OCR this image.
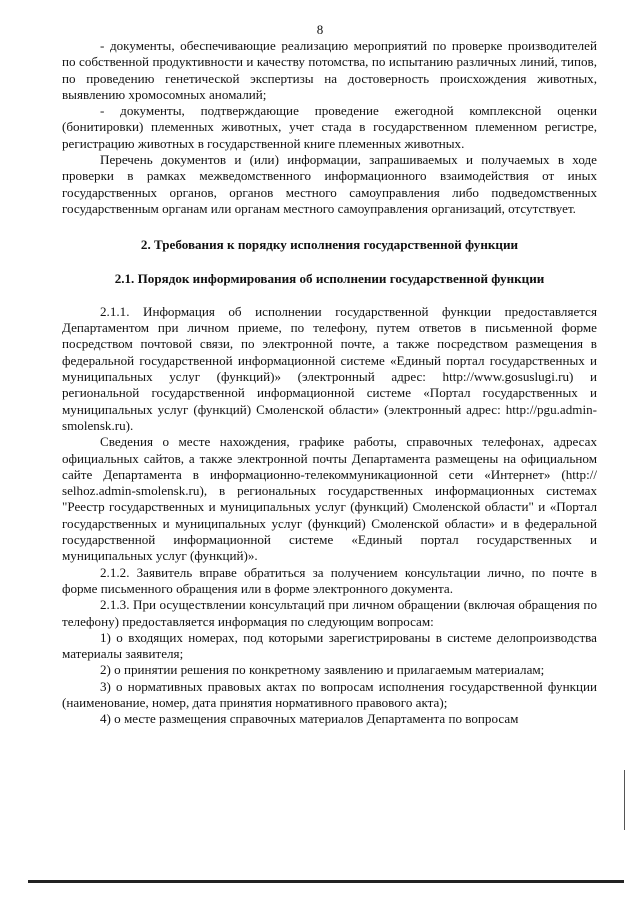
8

- документы, обеспечивающие реализацию мероприятий по проверке производителей по собственной продуктивности и качеству потомства, по испытанию различных линий, типов, по проведению генетической экспертизы на достоверность происхождения животных, выявлению хромосомных аномалий;

- документы, подтверждающие проведение ежегодной комплексной оценки (бонитировки) племенных животных, учет стада в государственном племенном регистре, регистрацию животных в государственной книге племенных животных.

Перечень документов и (или) информации, запрашиваемых и получаемых в ходе проверки в рамках межведомственного информационного взаимодействия от иных государственных органов, органов местного самоуправления либо подведомственных государственным органам или органам местного самоуправления организаций, отсутствует.

2. Требования к порядку исполнения государственной функции

2.1. Порядок информирования об исполнении государственной функции

2.1.1. Информация об исполнении государственной функции предоставляется Департаментом при личном приеме, по телефону, путем ответов в письменной форме посредством почтовой связи, по электронной почте, а также посредством размещения в федеральной государственной информационной системе «Единый портал государственных и муниципальных услуг (функций)» (электронный адрес: http://www.gosuslugi.ru) и региональной государственной информационной системе «Портал государственных и муниципальных услуг (функций) Смоленской области» (электронный адрес: http://pgu.admin-smolensk.ru).

Сведения о месте нахождения, графике работы, справочных телефонах, адресах официальных сайтов, а также электронной почты Департамента размещены на официальном сайте Департамента в информационно-телекоммуникационной сети «Интернет» (http:// selhoz.admin-smolensk.ru), в региональных государственных информационных системах "Реестр государственных и муниципальных услуг (функций) Смоленской области" и «Портал государственных и муниципальных услуг (функций) Смоленской области» и в федеральной государственной информационной системе «Единый портал государственных и муниципальных услуг (функций)».

2.1.2. Заявитель вправе обратиться за получением консультации лично, по почте в форме письменного обращения или в форме электронного документа.

2.1.3. При осуществлении консультаций при личном обращении (включая обращения по телефону) предоставляется информация по следующим вопросам:

1) о входящих номерах, под которыми зарегистрированы в системе делопроизводства материалы заявителя;

2) о принятии решения по конкретному заявлению и прилагаемым материалам;

3) о нормативных правовых актах по вопросам исполнения государственной функции (наименование, номер, дата принятия нормативного правового акта);

4) о месте размещения справочных материалов Департамента по вопросам
